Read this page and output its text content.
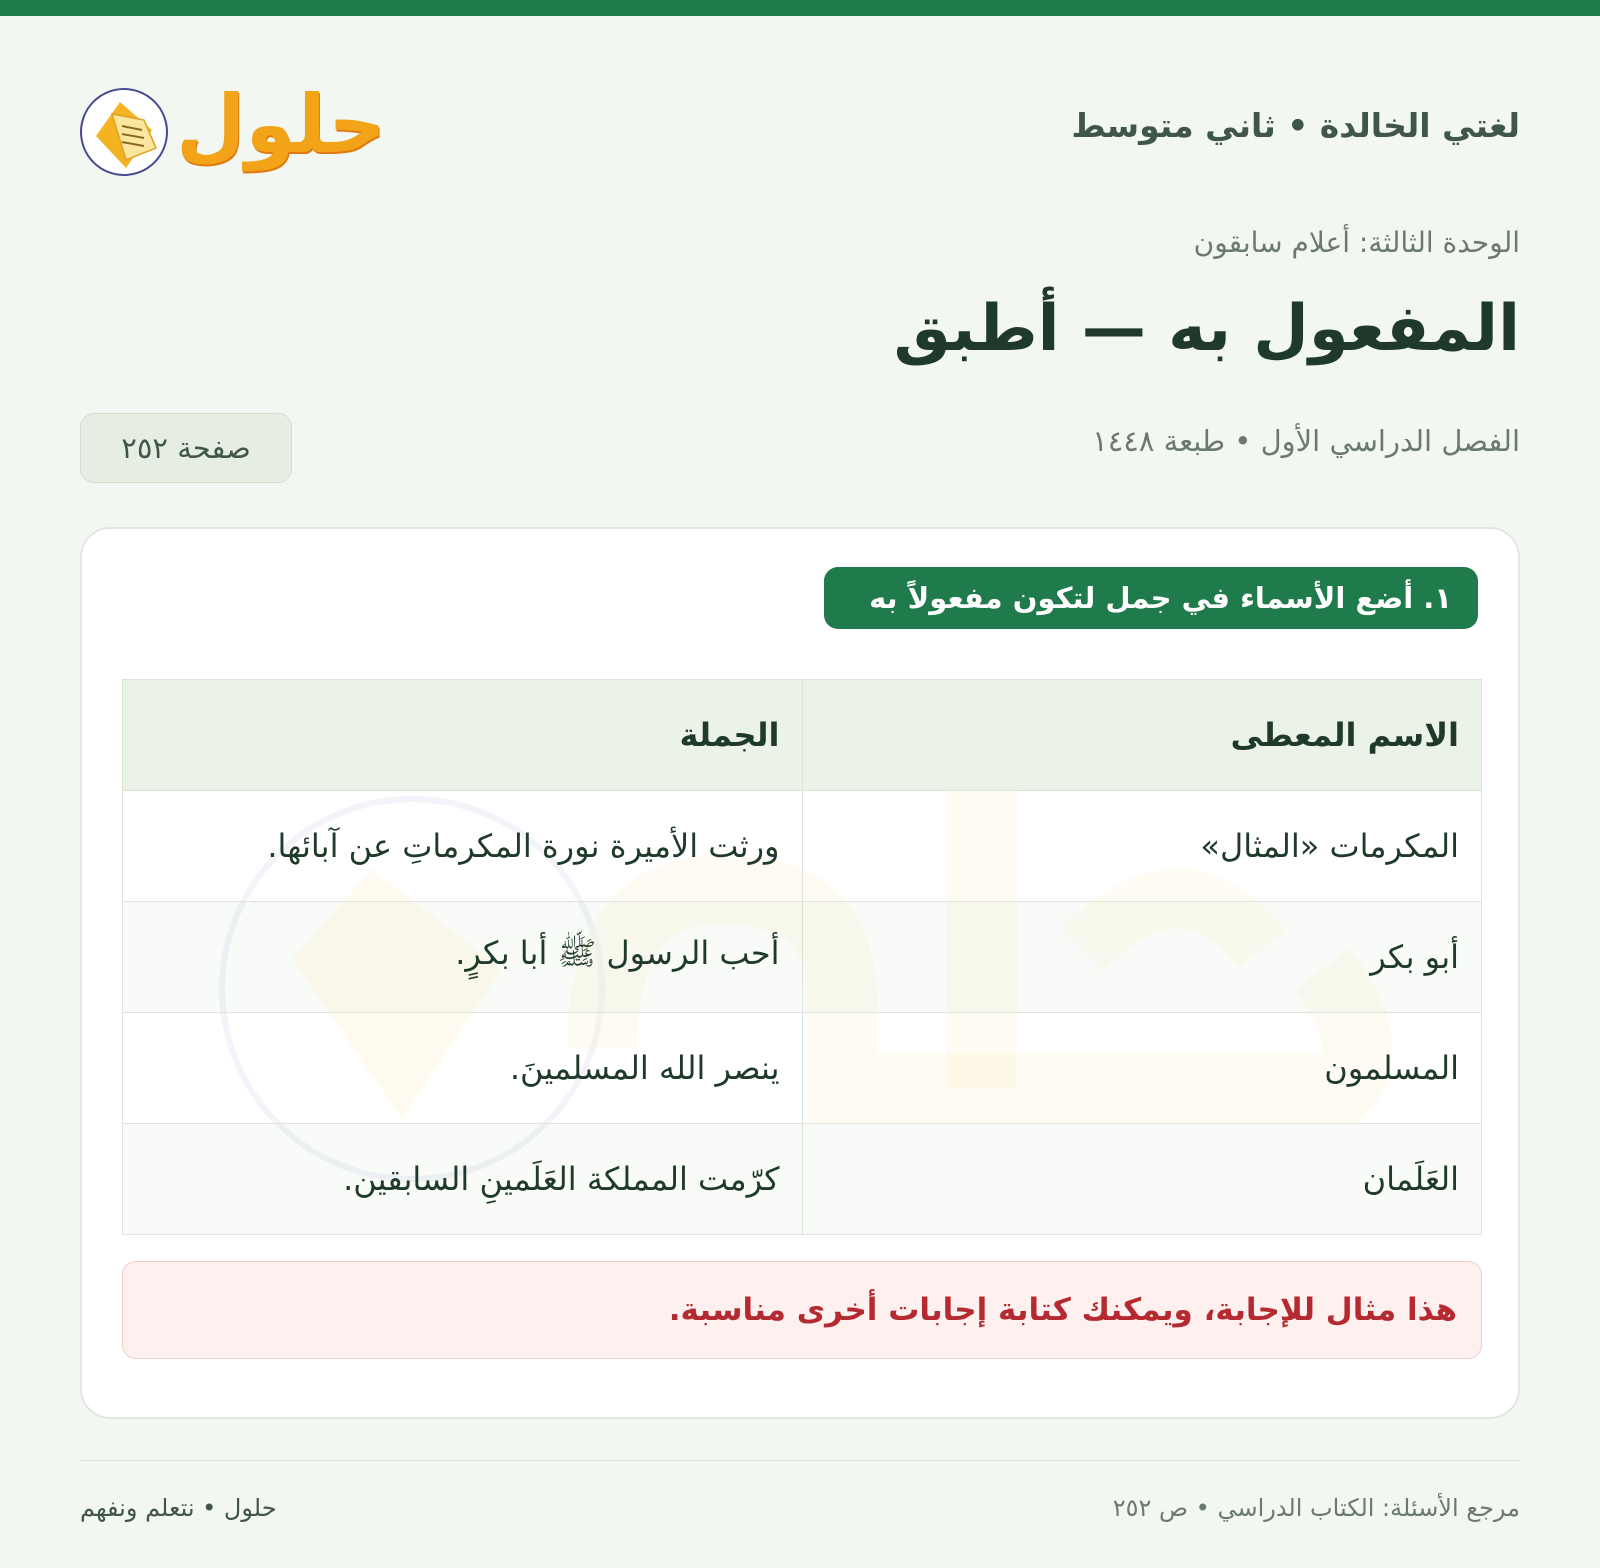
لغتي الخالدة • ثاني متوسط
حلول
الوحدة الثالثة: أعلام سابقون
المفعول به — أطبق
الفصل الدراسي الأول • طبعة ١٤٤٨
صفحة ٢٥٢
١. أضع الأسماء في جمل لتكون مفعولاً به
الاسم المعطى	الجملة
المكرمات «المثال»	ورثت الأميرة نورة المكرماتِ عن آبائها.
أبو بكر	أحب الرسول ﷺ أبا بكرٍ.
المسلمون	ينصر الله المسلمينَ.
العَلَمان	كرّمت المملكة العَلَمينِ السابقين.
هذا مثال للإجابة، ويمكنك كتابة إجابات أخرى مناسبة.
مرجع الأسئلة: الكتاب الدراسي • ص ٢٥٢
حلول • نتعلم ونفهم
